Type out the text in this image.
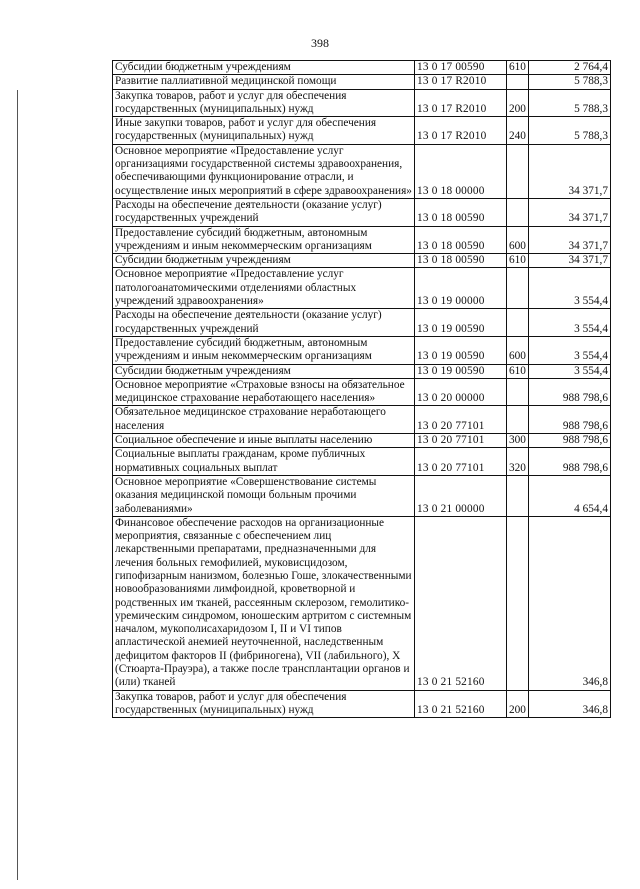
398
Субсидии бюджетным учреждениям	13 0 17 00590	610	2 764,4
Развитие паллиативной медицинской помощи	13 0 17 R2010		5 788,3
Закупка товаров, работ и услуг для обеспечения государственных (муниципальных) нужд	13 0 17 R2010	200	5 788,3
Иные закупки товаров, работ и услуг для обеспечения государственных (муниципальных) нужд	13 0 17 R2010	240	5 788,3
Основное мероприятие «Предоставление услуг организациями государственной системы здравоохранения, обеспечивающими функционирование отрасли, и осуществление иных мероприятий в сфере здравоохранения»	13 0 18 00000		34 371,7
Расходы на обеспечение деятельности (оказание услуг) государственных учреждений	13 0 18 00590		34 371,7
Предоставление субсидий бюджетным, автономным учреждениям и иным некоммерческим организациям	13 0 18 00590	600	34 371,7
Субсидии бюджетным учреждениям	13 0 18 00590	610	34 371,7
Основное мероприятие «Предоставление услуг патологоанатомическими отделениями областных учреждений здравоохранения»	13 0 19 00000		3 554,4
Расходы на обеспечение деятельности (оказание услуг) государственных учреждений	13 0 19 00590		3 554,4
Предоставление субсидий бюджетным, автономным учреждениям и иным некоммерческим организациям	13 0 19 00590	600	3 554,4
Субсидии бюджетным учреждениям	13 0 19 00590	610	3 554,4
Основное мероприятие «Страховые взносы на обязательное медицинское страхование неработающего населения»	13 0 20 00000		988 798,6
Обязательное медицинское страхование неработающего населения	13 0 20 77101		988 798,6
Социальное обеспечение и иные выплаты населению	13 0 20 77101	300	988 798,6
Социальные выплаты гражданам, кроме публичных нормативных социальных выплат	13 0 20 77101	320	988 798,6
Основное мероприятие «Совершенствование системы оказания медицинской помощи больным прочими заболеваниями»	13 0 21 00000		4 654,4
Финансовое обеспечение расходов на организационные мероприятия, связанные с обеспечением лиц лекарственными препаратами, предназначенными для лечения больных гемофилией, муковисцидозом, гипофизарным нанизмом, болезнью Гоше, злокачественными новообразованиями лимфоидной, кроветворной и родственных им тканей, рассеянным склерозом, гемолитико-уремическим синдромом, юношеским артритом с системным началом, мукополисахаридозом I, II и VI типов апластической анемией неуточненной, наследственным дефицитом факторов II (фибриногена), VII (лабильного), X (Стюарта-Прауэра), а также после трансплантации органов и (или) тканей	13 0 21 52160		346,8
Закупка товаров, работ и услуг для обеспечения государственных (муниципальных) нужд	13 0 21 52160	200	346,8
